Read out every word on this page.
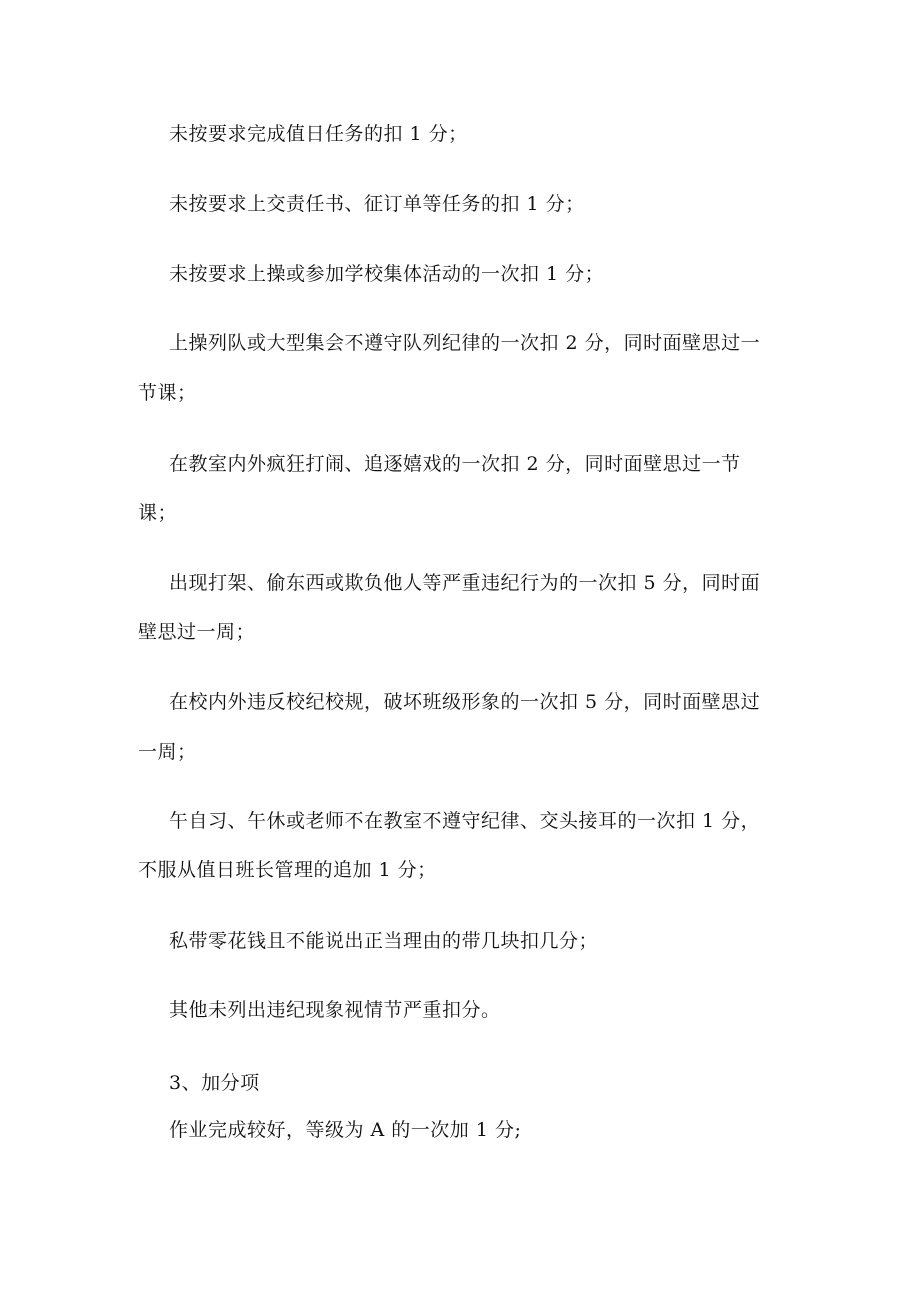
未按要求完成值日任务的扣 1 分；
未按要求上交责任书、征订单等任务的扣 1 分；
未按要求上操或参加学校集体活动的一次扣 1 分；
上操列队或大型集会不遵守队列纪律的一次扣 2 分，同时面壁思过一
节课；
在教室内外疯狂打闹、追逐嬉戏的一次扣 2 分，同时面壁思过一节
课；
出现打架、偷东西或欺负他人等严重违纪行为的一次扣 5 分，同时面
壁思过一周；
在校内外违反校纪校规，破坏班级形象的一次扣 5 分，同时面壁思过
一周；
午自习、午休或老师不在教室不遵守纪律、交头接耳的一次扣 1 分，
不服从值日班长管理的追加 1 分；
私带零花钱且不能说出正当理由的带几块扣几分；
其他未列出违纪现象视情节严重扣分。
3、加分项
作业完成较好，等级为 A 的一次加 1 分;
